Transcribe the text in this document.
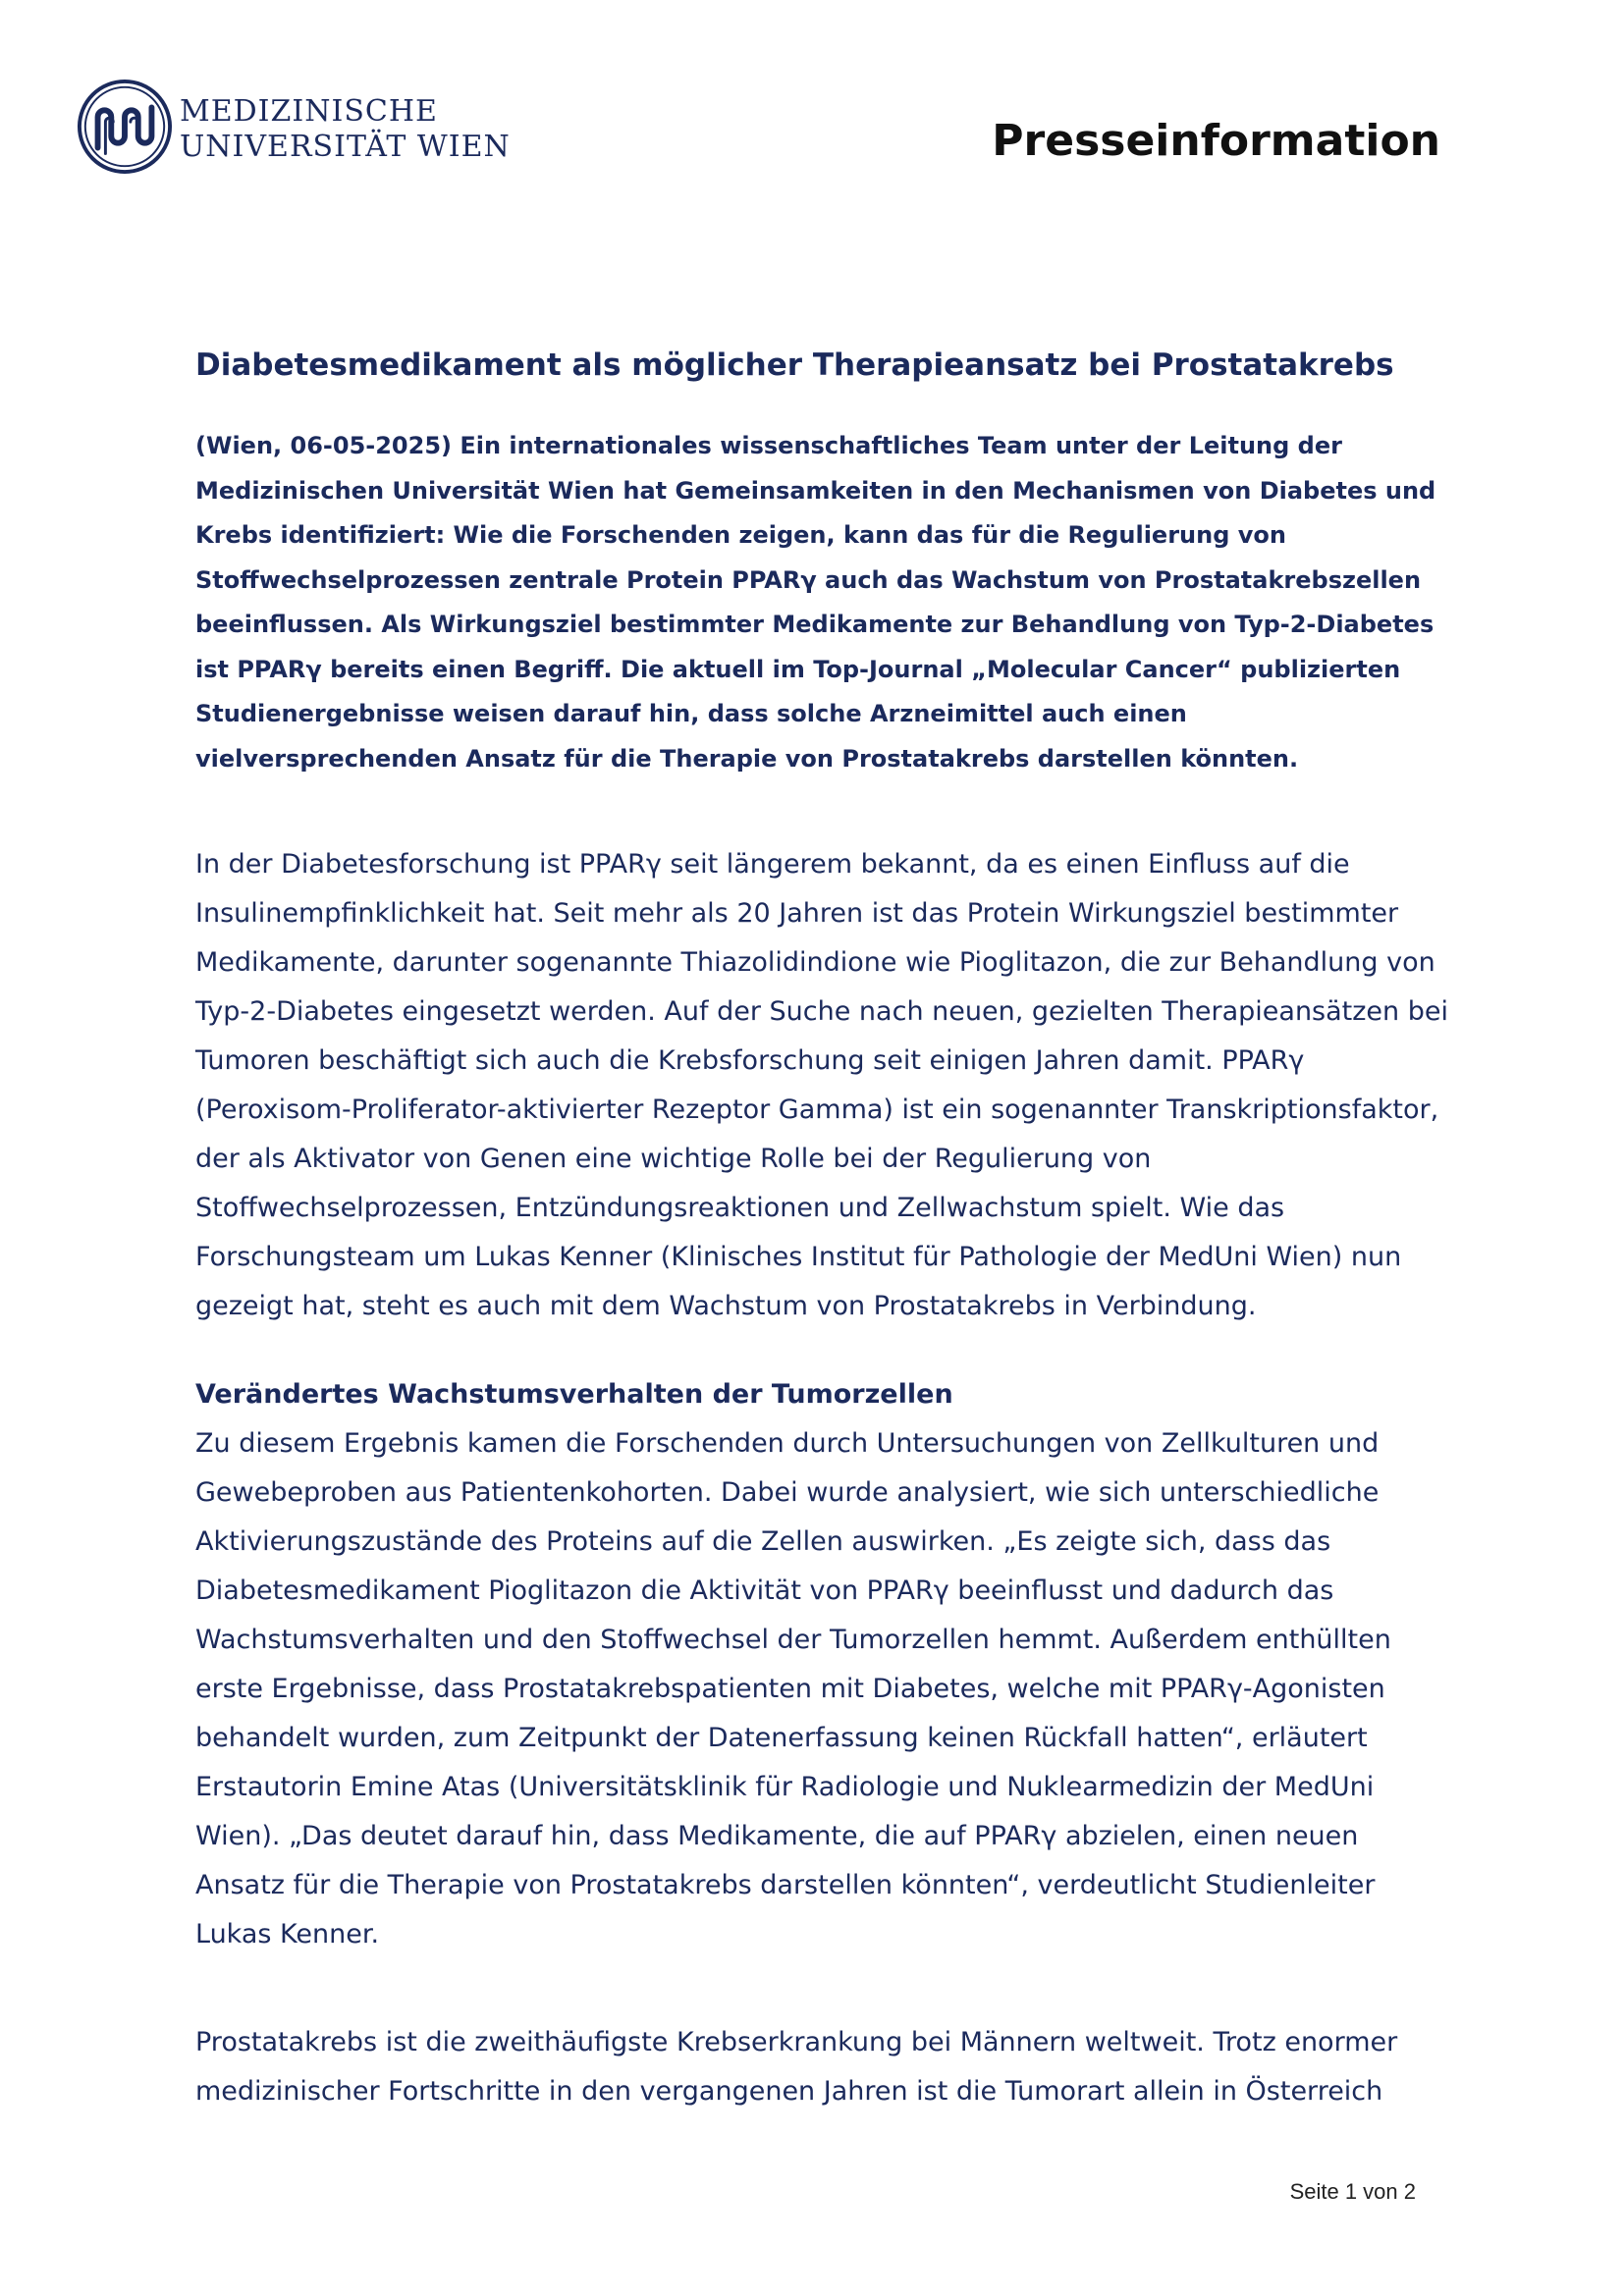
MEDIZINISCHE
UNIVERSITÄT WIEN	Presseinformation
Diabetesmedikament als möglicher Therapieansatz bei Prostatakrebs

(Wien, 06-05-2025) Ein internationales wissenschaftliches Team unter der Leitung der Medizinischen Universität Wien hat Gemeinsamkeiten in den Mechanismen von Diabetes und Krebs identifiziert: Wie die Forschenden zeigen, kann das für die Regulierung von Stoffwechselprozessen zentrale Protein PPARγ auch das Wachstum von Prostatakrebszellen beeinflussen. Als Wirkungsziel bestimmter Medikamente zur Behandlung von Typ-2-Diabetes ist PPARγ bereits einen Begriff. Die aktuell im Top-Journal „Molecular Cancer“ publizierten Studienergebnisse weisen darauf hin, dass solche Arzneimittel auch einen vielversprechenden Ansatz für die Therapie von Prostatakrebs darstellen könnten.

In der Diabetesforschung ist PPARγ seit längerem bekannt, da es einen Einfluss auf die Insulinempfinklichkeit hat. Seit mehr als 20 Jahren ist das Protein Wirkungsziel bestimmter Medikamente, darunter sogenannte Thiazolidindione wie Pioglitazon, die zur Behandlung von Typ-2-Diabetes eingesetzt werden. Auf der Suche nach neuen, gezielten Therapieansätzen bei Tumoren beschäftigt sich auch die Krebsforschung seit einigen Jahren damit. PPARγ (Peroxisom-Proliferator-aktivierter Rezeptor Gamma) ist ein sogenannter Transkriptionsfaktor, der als Aktivator von Genen eine wichtige Rolle bei der Regulierung von Stoffwechselprozessen, Entzündungsreaktionen und Zellwachstum spielt. Wie das Forschungsteam um Lukas Kenner (Klinisches Institut für Pathologie der MedUni Wien) nun gezeigt hat, steht es auch mit dem Wachstum von Prostatakrebs in Verbindung.

Verändertes Wachstumsverhalten der Tumorzellen

Zu diesem Ergebnis kamen die Forschenden durch Untersuchungen von Zellkulturen und Gewebeproben aus Patientenkohorten. Dabei wurde analysiert, wie sich unterschiedliche Aktivierungszustände des Proteins auf die Zellen auswirken. „Es zeigte sich, dass das Diabetesmedikament Pioglitazon die Aktivität von PPARγ beeinflusst und dadurch das Wachstumsverhalten und den Stoffwechsel der Tumorzellen hemmt. Außerdem enthüllten erste Ergebnisse, dass Prostatakrebspatienten mit Diabetes, welche mit PPARγ-Agonisten behandelt wurden, zum Zeitpunkt der Datenerfassung keinen Rückfall hatten“, erläutert Erstautorin Emine Atas (Universitätsklinik für Radiologie und Nuklearmedizin der MedUni Wien). „Das deutet darauf hin, dass Medikamente, die auf PPARγ abzielen, einen neuen Ansatz für die Therapie von Prostatakrebs darstellen könnten“, verdeutlicht Studienleiter Lukas Kenner.

Prostatakrebs ist die zweithäufigste Krebserkrankung bei Männern weltweit. Trotz enormer medizinischer Fortschritte in den vergangenen Jahren ist die Tumorart allein in Österreich

Seite 1 von 2
